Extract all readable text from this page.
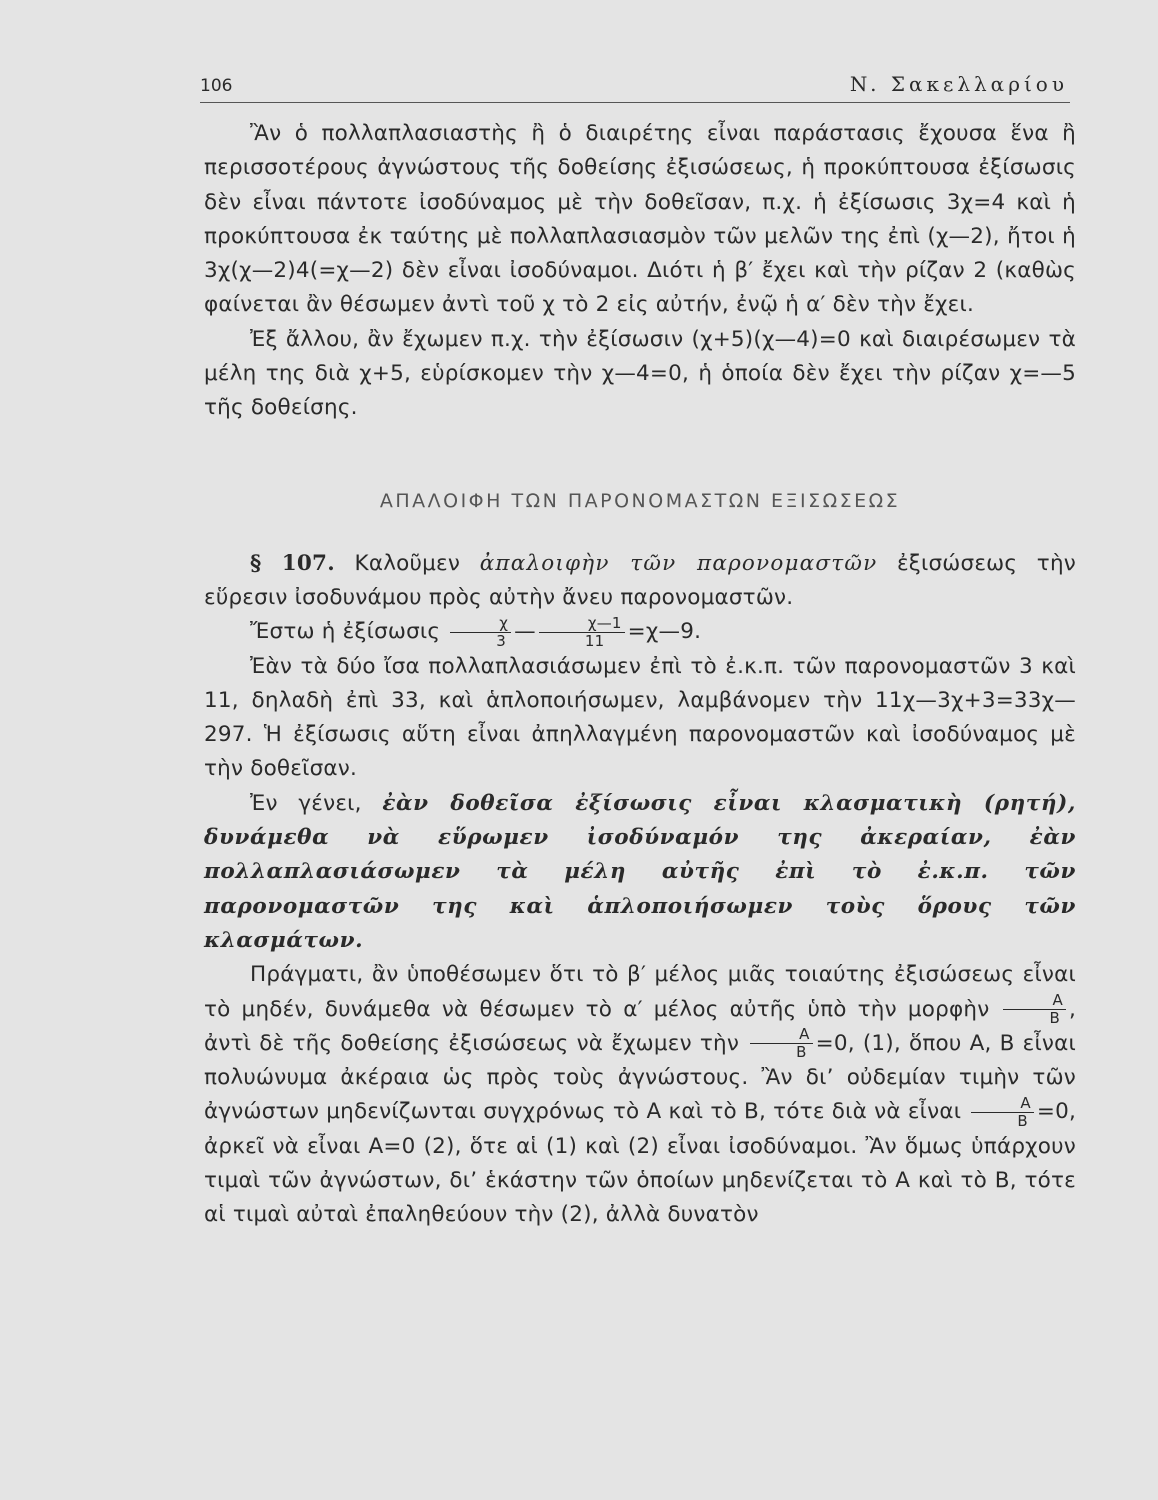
106	N. Σακελλαρίου

Ἂν ὁ πολλαπλασιαστὴς ἢ ὁ διαιρέτης εἶναι παράστασις ἔχουσα ἕνα ἢ περισσοτέρους ἀγνώστους τῆς δοθείσης ἐξισώσεως, ἡ προκύπτουσα ἐξίσωσις δὲν εἶναι πάντοτε ἰσοδύναμος μὲ τὴν δοθεῖσαν, π.χ. ἡ ἐξίσωσις 3χ=4 καὶ ἡ προκύπτουσα ἐκ ταύτης μὲ πολλαπλασιασμὸν τῶν μελῶν της ἐπὶ (χ—2), ἤτοι ἡ 3χ(χ—2)4(=χ—2) δὲν εἶναι ἰσοδύναμοι. Διότι ἡ β′ ἔχει καὶ τὴν ρίζαν 2 (καθὼς φαίνεται ἂν θέσωμεν ἀντὶ τοῦ χ τὸ 2 εἰς αὐτήν, ἐνῷ ἡ α′ δὲν τὴν ἔχει.

Ἐξ ἄλλου, ἂν ἔχωμεν π.χ. τὴν ἐξίσωσιν (χ+5)(χ—4)=0 καὶ διαιρέσωμεν τὰ μέλη της διὰ χ+5, εὑρίσκομεν τὴν χ—4=0, ἡ ὁποία δὲν ἔχει τὴν ρίζαν χ=—5 τῆς δοθείσης.

ΑΠΑΛΟΙΦΗ ΤΩΝ ΠΑΡΟΝΟΜΑΣΤΩΝ ΕΞΙΣΩΣΕΩΣ

§ 107. Καλοῦμεν ἀπαλοιφὴν τῶν παρονομαστῶν ἐξισώσεως τὴν εὕρεσιν ἰσοδυνάμου πρὸς αὐτὴν ἄνευ παρονομαστῶν.

Ἔστω ἡ ἐξίσωσις $\frac{\chi}{3}$ — $\frac{\chi—1}{11}$ =χ—9.

Ἐὰν τὰ δύο ἴσα πολλαπλασιάσωμεν ἐπὶ τὸ ἐ.κ.π. τῶν παρονομαστῶν 3 καὶ 11, δηλαδὴ ἐπὶ 33, καὶ ἁπλοποιήσωμεν, λαμβάνομεν τὴν 11χ—3χ+3=33χ—297. Ἡ ἐξίσωσις αὕτη εἶναι ἀπηλλαγμένη παρονομαστῶν καὶ ἰσοδύναμος μὲ τὴν δοθεῖσαν.

Ἐν γένει, ἐὰν δοθεῖσα ἐξίσωσις εἶναι κλασματικὴ (ρητή), δυνάμεθα νὰ εὕρωμεν ἰσοδύναμόν της ἀκεραίαν, ἐὰν πολλαπλασιάσωμεν τὰ μέλη αὐτῆς ἐπὶ τὸ ἐ.κ.π. τῶν παρονομαστῶν της καὶ ἁπλοποιήσωμεν τοὺς ὅρους τῶν κλασμάτων.

Πράγματι, ἂν ὑποθέσωμεν ὅτι τὸ β′ μέλος μιᾶς τοιαύτης ἐξισώσεως εἶναι τὸ μηδέν, δυνάμεθα νὰ θέσωμεν τὸ α′ μέλος αὐτῆς ὑπὸ τὴν μορφὴν $\frac{A}{B}$ , ἀντὶ δὲ τῆς δοθείσης ἐξισώσεως νὰ ἔχωμεν τὴν $\frac{A}{B} =0$, (1), ὅπου Α, Β εἶναι πολυώνυμα ἀκέραια ὡς πρὸς τοὺς ἀγνώστους. Ἂν δι’ οὐδεμίαν τιμὴν τῶν ἀγνώστων μηδενίζωνται συγχρόνως τὸ Α καὶ τὸ Β, τότε διὰ νὰ εἶναι $\frac{A}{B} =0$, ἀρκεῖ νὰ εἶναι Α=0 (2), ὅτε αἱ (1) καὶ (2) εἶναι ἰσοδύναμοι. Ἂν ὅμως ὑπάρχουν τιμαὶ τῶν ἀγνώστων, δι’ ἑκάστην τῶν ὁποίων μηδενίζεται τὸ Α καὶ τὸ Β, τότε αἱ τιμαὶ αὐταὶ ἐπαληθεύουν τὴν (2), ἀλλὰ δυνατὸν
